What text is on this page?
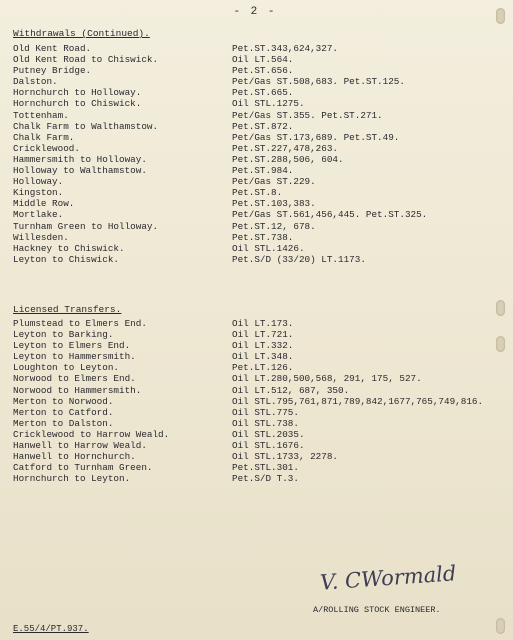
- 2 -
Withdrawals (Continued).
Old Kent Road.	Pet.ST.343,624,327.
Old Kent Road to Chiswick.	Oil LT.564.
Putney Bridge.	Pet.ST.656.
Dalston.	Pet/Gas ST.508,683. Pet.ST.125.
Hornchurch to Holloway.	Pet.ST.665.
Hornchurch to Chiswick.	Oil STL.1275.
Tottenham.	Pet/Gas ST.355. Pet.ST.271.
Chalk Farm to Walthamstow.	Pet.ST.872.
Chalk Farm.	Pet/Gas ST.173,689. Pet.ST.49.
Cricklewood.	Pet.ST.227,478,263.
Hammersmith to Holloway.	Pet.ST.288,506, 604.
Holloway to Walthamstow.	Pet.ST.984.
Holloway.	Pet/Gas ST.229.
Kingston.	Pet.ST.8.
Middle Row.	Pet.ST.103,383.
Mortlake.	Pet/Gas ST.561,456,445. Pet.ST.325.
Turnham Green to Holloway.	Pet.ST.12, 678.
Willesden.	Pet.ST.738.
Hackney to Chiswick.	Oil STL.1426.
Leyton to Chiswick.	Pet.S/D (33/20) LT.1173.
Licensed Transfers.
Plumstead to Elmers End.	Oil LT.173.
Leyton to Barking.	Oil LT.721.
Leyton to Elmers End.	Oil LT.332.
Leyton to Hammersmith.	Oil LT.348.
Loughton to Leyton.	Pet.LT.126.
Norwood to Elmers End.	Oil LT.280,500,568, 291, 175, 527.
Norwood to Hammersmith.	Oil LT.512, 687, 350.
Merton to Norwood.	Oil STL.795,761,871,789,842,1677,765,749,816.
Merton to Catford.	Oil STL.775.
Merton to Dalston.	Oil STL.738.
Cricklewood to Harrow Weald.	Oil STL.2035.
Hanwell to Harrow Weald.	Oil STL.1676.
Hanwell to Hornchurch.	Oil STL.1733, 2278.
Catford to Turnham Green.	Pet.STL.301.
Hornchurch to Leyton.	Pet.S/D T.3.
V. CWormald
A/ROLLING STOCK ENGINEER.
E.55/4/PT.937.
